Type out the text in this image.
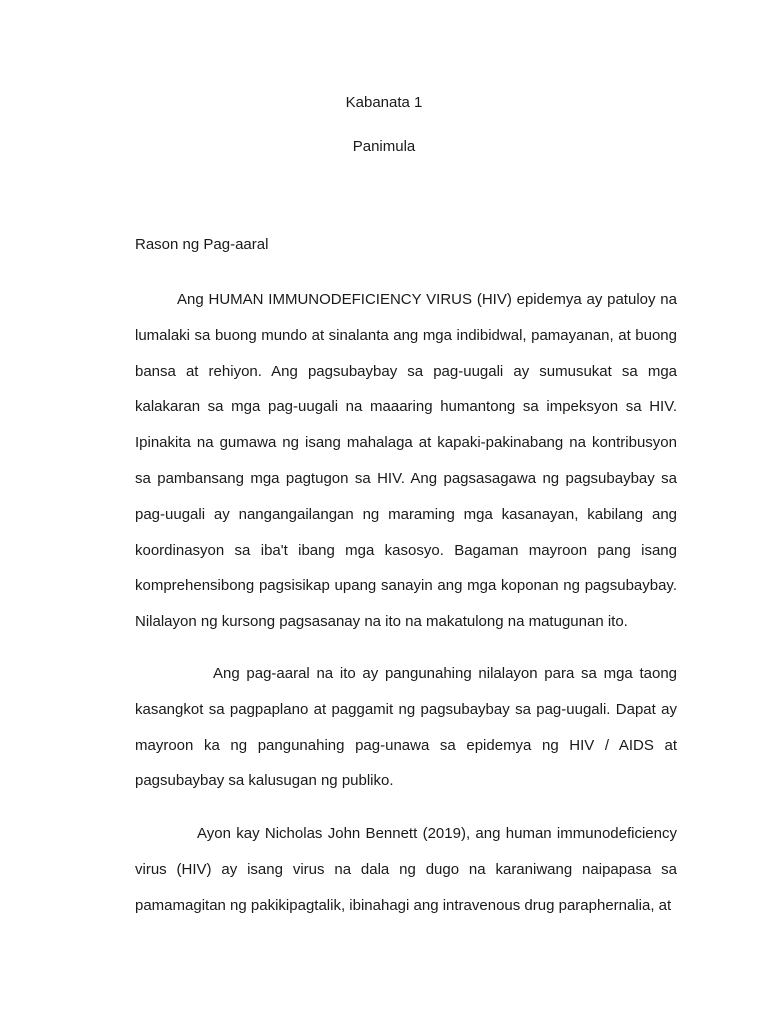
Kabanata 1
Panimula
Rason ng Pag-aaral

Ang HUMAN IMMUNODEFICIENCY VIRUS (HIV) epidemya ay patuloy na lumalaki sa buong mundo at sinalanta ang mga indibidwal, pamayanan, at buong bansa at rehiyon. Ang pagsubaybay sa pag-uugali ay sumusukat sa mga kalakaran sa mga pag-uugali na maaaring humantong sa impeksyon sa HIV. Ipinakita na gumawa ng isang mahalaga at kapaki-pakinabang na kontribusyon sa pambansang mga pagtugon sa HIV. Ang pagsasagawa ng pagsubaybay sa pag-uugali ay nangangailangan ng maraming mga kasanayan, kabilang ang koordinasyon sa iba't ibang mga kasosyo. Bagaman mayroon pang isang komprehensibong pagsisikap upang sanayin ang mga koponan ng pagsubaybay. Nilalayon ng kursong pagsasanay na ito na makatulong na matugunan ito.

Ang pag-aaral na ito ay pangunahing nilalayon para sa mga taong kasangkot sa pagpaplano at paggamit ng pagsubaybay sa pag-uugali. Dapat ay mayroon ka ng pangunahing pag-unawa sa epidemya ng HIV / AIDS at pagsubaybay sa kalusugan ng publiko.

Ayon kay Nicholas John Bennett (2019), ang human immunodeficiency virus (HIV) ay isang virus na dala ng dugo na karaniwang naipapasa sa pamamagitan ng pakikipagtalik, ibinahagi ang intravenous drug paraphernalia, at
